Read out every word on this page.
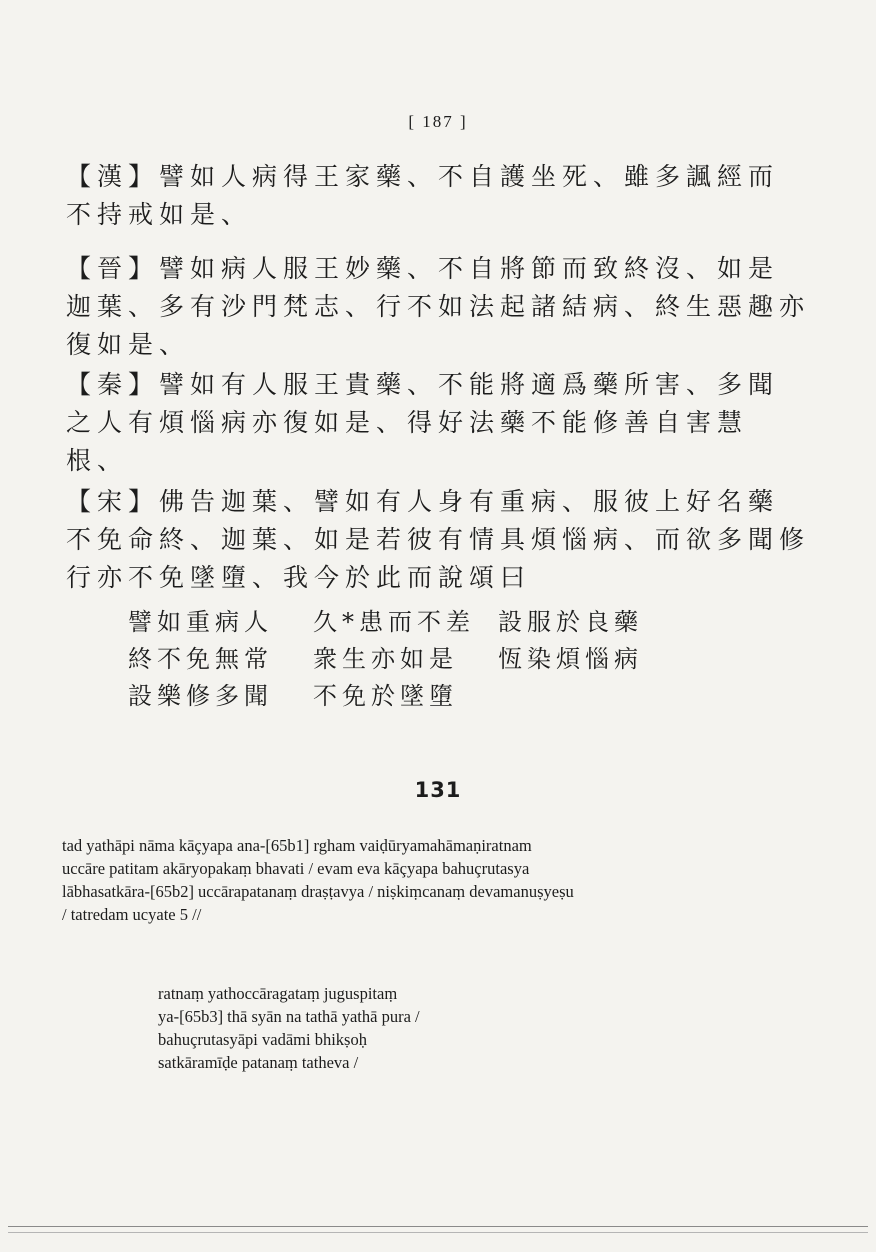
[ 187 ]

【漢】譬如人病得王家藥、不自護坐死、雖多諷經而
不持戒如是、

【晉】譬如病人服王妙藥、不自將節而致終沒、如是
迦葉、多有沙門梵志、行不如法起諸結病、終生惡趣亦
復如是、

【秦】譬如有人服王貴藥、不能將適爲藥所害、多聞
之人有煩惱病亦復如是、得好法藥不能修善自害慧
根、

【宋】佛告迦葉、譬如有人身有重病、服彼上好名藥
不免命終、迦葉、如是若彼有情具煩惱病、而欲多聞修
行亦不免墜墮、我今於此而說頌曰

譬如重病人	久*患而不差 設服於良藥
終不免無常	衆生亦如是	恆染煩惱病
設樂修多聞	不免於墜墮
131
tad yathāpi nāma kāçyapa ana-[65b1] rgham vaiḍūryamahāmaṇiratnam
uccāre patitam akāryopakaṃ bhavati / evam eva kāçyapa bahuçrutasya
lābhasatkāra-[65b2] uccārapatanaṃ draṣṭavya / niṣkiṃcanaṃ devamanuṣyeṣu
/ tatredam ucyate 5 //
ratnaṃ yathoccāragataṃ juguspitaṃ
ya-[65b3] thā syān na tathā yathā pura /
bahuçrutasyāpi vadāmi bhikṣoḥ
satkāramīḍe patanaṃ tatheva /
